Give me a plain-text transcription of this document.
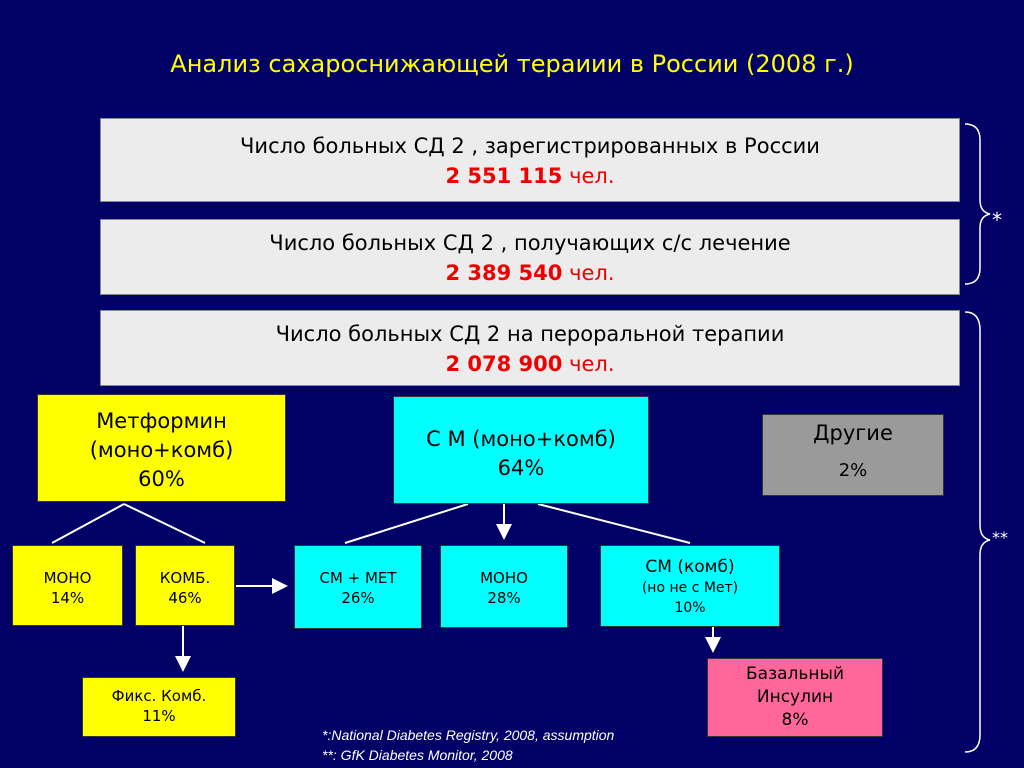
Анализ сахароснижающей тераиии в России (2008 г.)
Число больных СД 2 , зарегистрированных в России
2 551 115 чел.
Число больных СД 2 , получающих с/с лечение
2 389 540 чел.
Число больных СД 2 на пероральной терапии
2 078 900 чел.
Метформин
(моно+комб)
60%
С М (моно+комб)
64%
Другие
2%
МОНО
14%
КОМБ.
46%
Фикс. Комб.
11%
СМ + МЕТ
26%
МОНО
28%
СМ (комб)
(но не с Мет)
10%
Базальный
Инсулин
8%
*
**
*:National Diabetes Registry, 2008, assumption
**: GfK Diabetes Monitor, 2008
